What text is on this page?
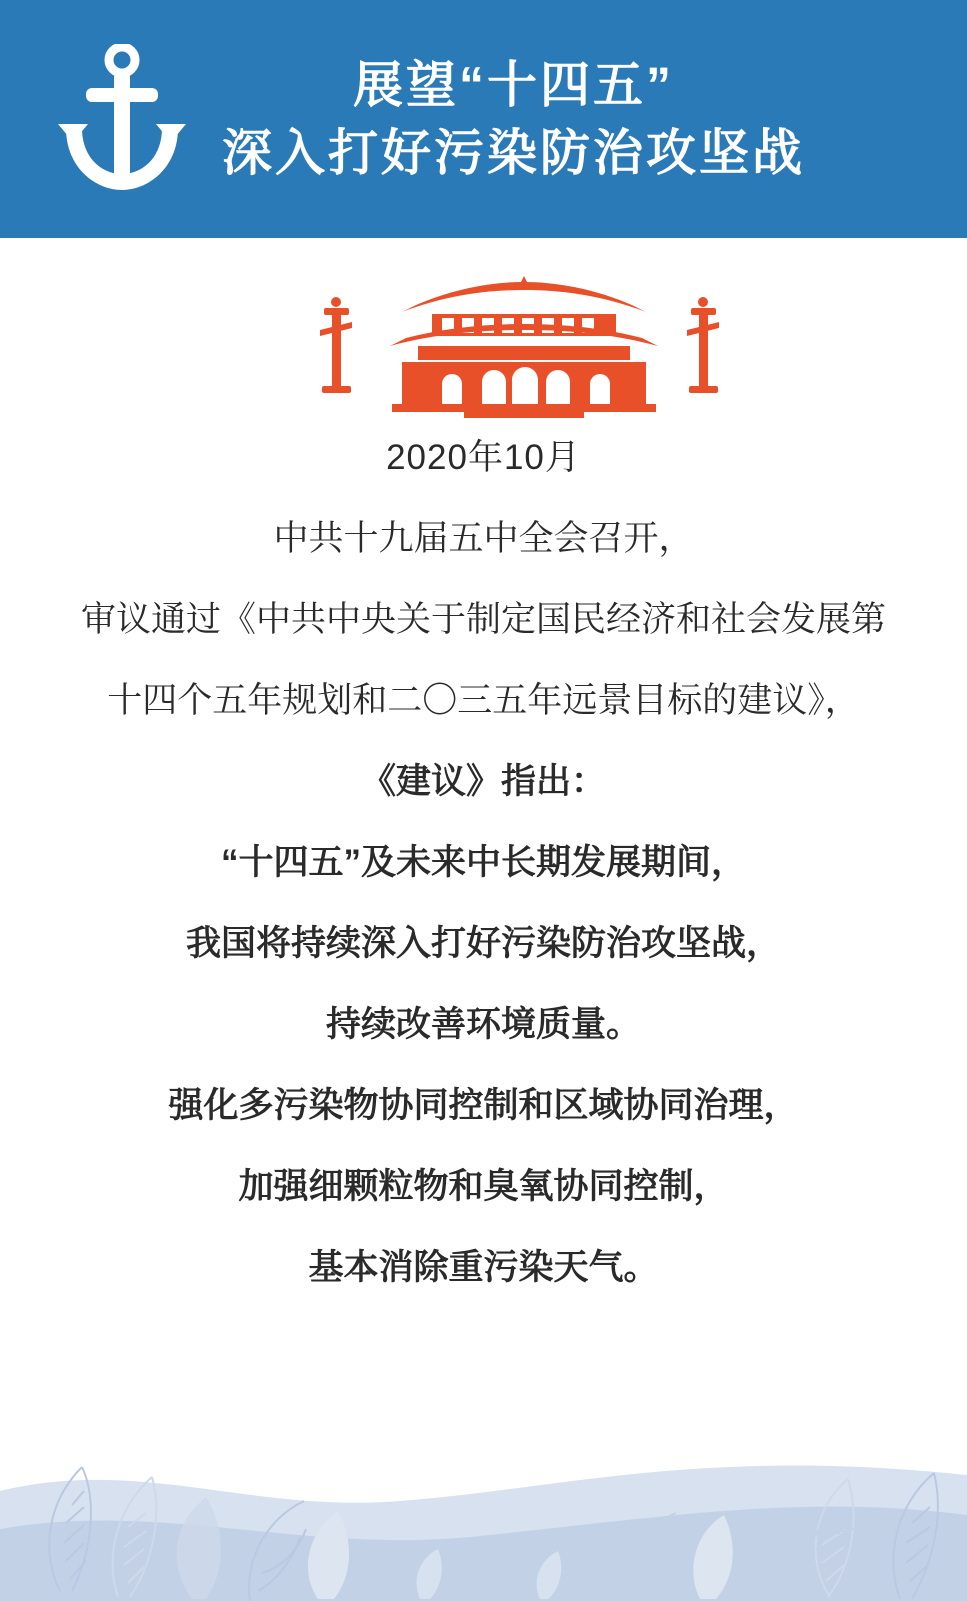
展望“十四五”
深入打好污染防治攻坚战

2020年10月

中共十九届五中全会召开，

审议通过《中共中央关于制定国民经济和社会发展第

十四个五年规划和二〇三五年远景目标的建议》，

《建议》指出：

“十四五”及未来中长期发展期间，

我国将持续深入打好污染防治攻坚战，

持续改善环境质量。

强化多污染物协同控制和区域协同治理，

加强细颗粒物和臭氧协同控制，

基本消除重污染天气。
